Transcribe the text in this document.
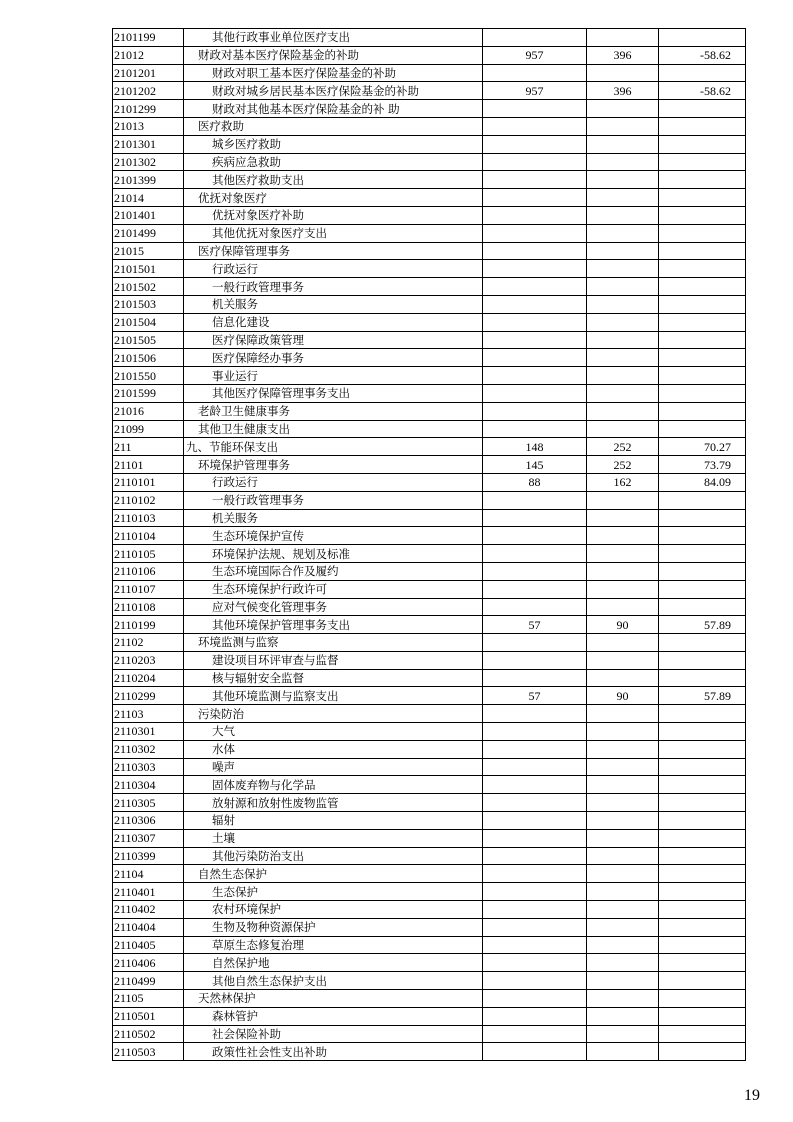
2101199	其他行政事业单位医疗支出			
21012	财政对基本医疗保险基金的补助	957	396	-58.62
2101201	财政对职工基本医疗保险基金的补助			
2101202	财政对城乡居民基本医疗保险基金的补助	957	396	-58.62
2101299	财政对其他基本医疗保险基金的补 助			
21013	医疗救助			
2101301	城乡医疗救助			
2101302	疾病应急救助			
2101399	其他医疗救助支出			
21014	优抚对象医疗			
2101401	优抚对象医疗补助			
2101499	其他优抚对象医疗支出			
21015	医疗保障管理事务			
2101501	行政运行			
2101502	一般行政管理事务			
2101503	机关服务			
2101504	信息化建设			
2101505	医疗保障政策管理			
2101506	医疗保障经办事务			
2101550	事业运行			
2101599	其他医疗保障管理事务支出			
21016	老龄卫生健康事务			
21099	其他卫生健康支出			
211	九、节能环保支出	148	252	70.27
21101	环境保护管理事务	145	252	73.79
2110101	行政运行	88	162	84.09
2110102	一般行政管理事务			
2110103	机关服务			
2110104	生态环境保护宣传			
2110105	环境保护法规、规划及标准			
2110106	生态环境国际合作及履约			
2110107	生态环境保护行政许可			
2110108	应对气候变化管理事务			
2110199	其他环境保护管理事务支出	57	90	57.89
21102	环境监测与监察			
2110203	建设项目环评审查与监督			
2110204	核与辐射安全监督			
2110299	其他环境监测与监察支出	57	90	57.89
21103	污染防治			
2110301	大气			
2110302	水体			
2110303	噪声			
2110304	固体废弃物与化学品			
2110305	放射源和放射性废物监管			
2110306	辐射			
2110307	土壤			
2110399	其他污染防治支出			
21104	自然生态保护			
2110401	生态保护			
2110402	农村环境保护			
2110404	生物及物种资源保护			
2110405	草原生态修复治理			
2110406	自然保护地			
2110499	其他自然生态保护支出			
21105	天然林保护			
2110501	森林管护			
2110502	社会保险补助			
2110503	政策性社会性支出补助			
19
